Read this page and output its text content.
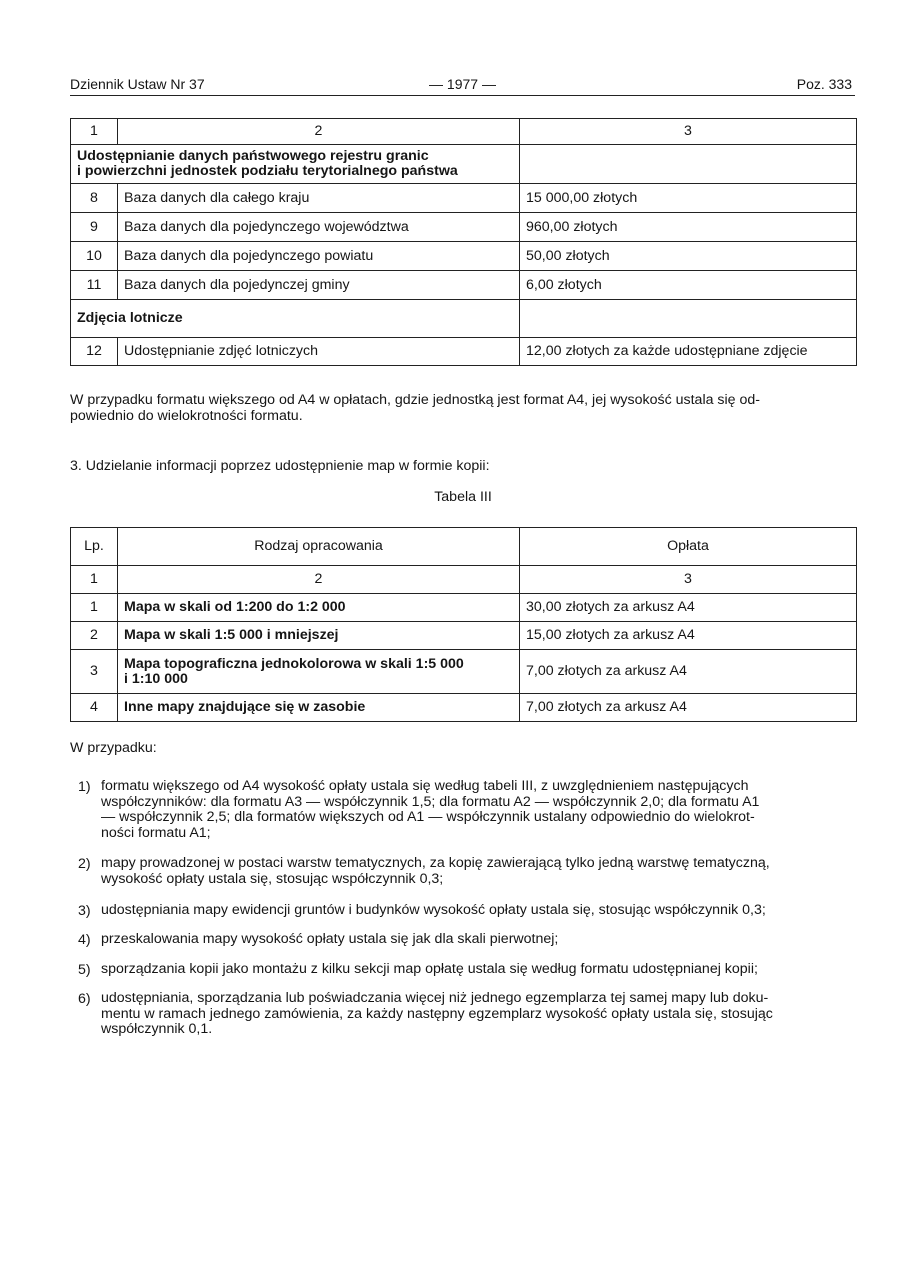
Dziennik Ustaw Nr 37	— 1977 —	Poz. 333
1	2	3

Udostępnianie danych państwowego rejestru granic
i powierzchni jednostek podziału terytorialnego państwa		

8	Baza danych dla całego kraju	15 000,00 złotych
9	Baza danych dla pojedynczego województwa	960,00 złotych
10	Baza danych dla pojedynczego powiatu	50,00 złotych
11	Baza danych dla pojedynczej gminy	6,00 złotych
Zdjęcia lotnicze		
12	Udostępnianie zdjęć lotniczych	12,00 złotych za każde udostępniane zdjęcie
W przypadku formatu większego od A4 w opłatach, gdzie jednostką jest format A4, jej wysokość ustala się od-
powiednio do wielokrotności formatu.
3. Udzielanie informacji poprzez udostępnienie map w formie kopii:
Tabela III
Lp.	Rodzaj opracowania	Opłata
1	2	3
1	Mapa w skali od 1:200 do 1:2 000	30,00 złotych za arkusz A4
2	Mapa w skali 1:5 000 i mniejszej	15,00 złotych za arkusz A4
3	Mapa topograficzna jednokolorowa w skali 1:5 000
i 1:10 000	7,00 złotych za arkusz A4
4	Inne mapy znajdujące się w zasobie	7,00 złotych za arkusz A4
W przypadku:
1) formatu większego od A4 wysokość opłaty ustala się według tabeli III, z uwzględnieniem następujących
współczynników: dla formatu A3 — współczynnik 1,5; dla formatu A2 — współczynnik 2,0; dla formatu A1
— współczynnik 2,5; dla formatów większych od A1 — współczynnik ustalany odpowiednio do wielokrot-
ności formatu A1;
2) mapy prowadzonej w postaci warstw tematycznych, za kopię zawierającą tylko jedną warstwę tematyczną,
wysokość opłaty ustala się, stosując współczynnik 0,3;
3) udostępniania mapy ewidencji gruntów i budynków wysokość opłaty ustala się, stosując współczynnik 0,3;
4) przeskalowania mapy wysokość opłaty ustala się jak dla skali pierwotnej;
5) sporządzania kopii jako montażu z kilku sekcji map opłatę ustala się według formatu udostępnianej kopii;
6) udostępniania, sporządzania lub poświadczania więcej niż jednego egzemplarza tej samej mapy lub doku-
mentu w ramach jednego zamówienia, za każdy następny egzemplarz wysokość opłaty ustala się, stosując
współczynnik 0,1.
